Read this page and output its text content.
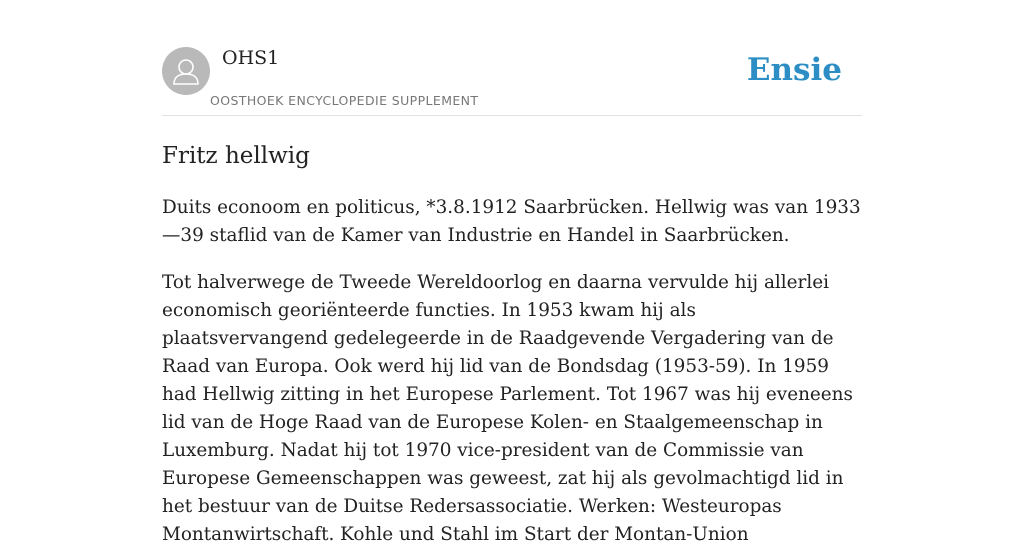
OHS1
OOSTHOEK ENCYCLOPEDIE SUPPLEMENT
Ensie
Fritz hellwig

Duits econoom en politicus, *3.8.1912 Saarbrücken. Hellwig was van 1933—39 staflid van de Kamer van Industrie en Handel in Saarbrücken.

Tot halverwege de Tweede Wereldoorlog en daarna vervulde hij allerlei economisch georiënteerde functies. In 1953 kwam hij als plaatsvervangend gedelegeerde in de Raadgevende Vergadering van de Raad van Europa. Ook werd hij lid van de Bondsdag (1953-59). In 1959 had Hellwig zitting in het Europese Parlement. Tot 1967 was hij eveneens lid van de Hoge Raad van de Europese Kolen- en Staalgemeenschap in Luxemburg. Nadat hij tot 1970 vice-president van de Commissie van Europese Gemeenschappen was geweest, zat hij als gevolmachtigd lid in het bestuur van de Duitse Redersassociatie. Werken: Westeuropas Montanwirtschaft. Kohle und Stahl im Start der Montan-Union
